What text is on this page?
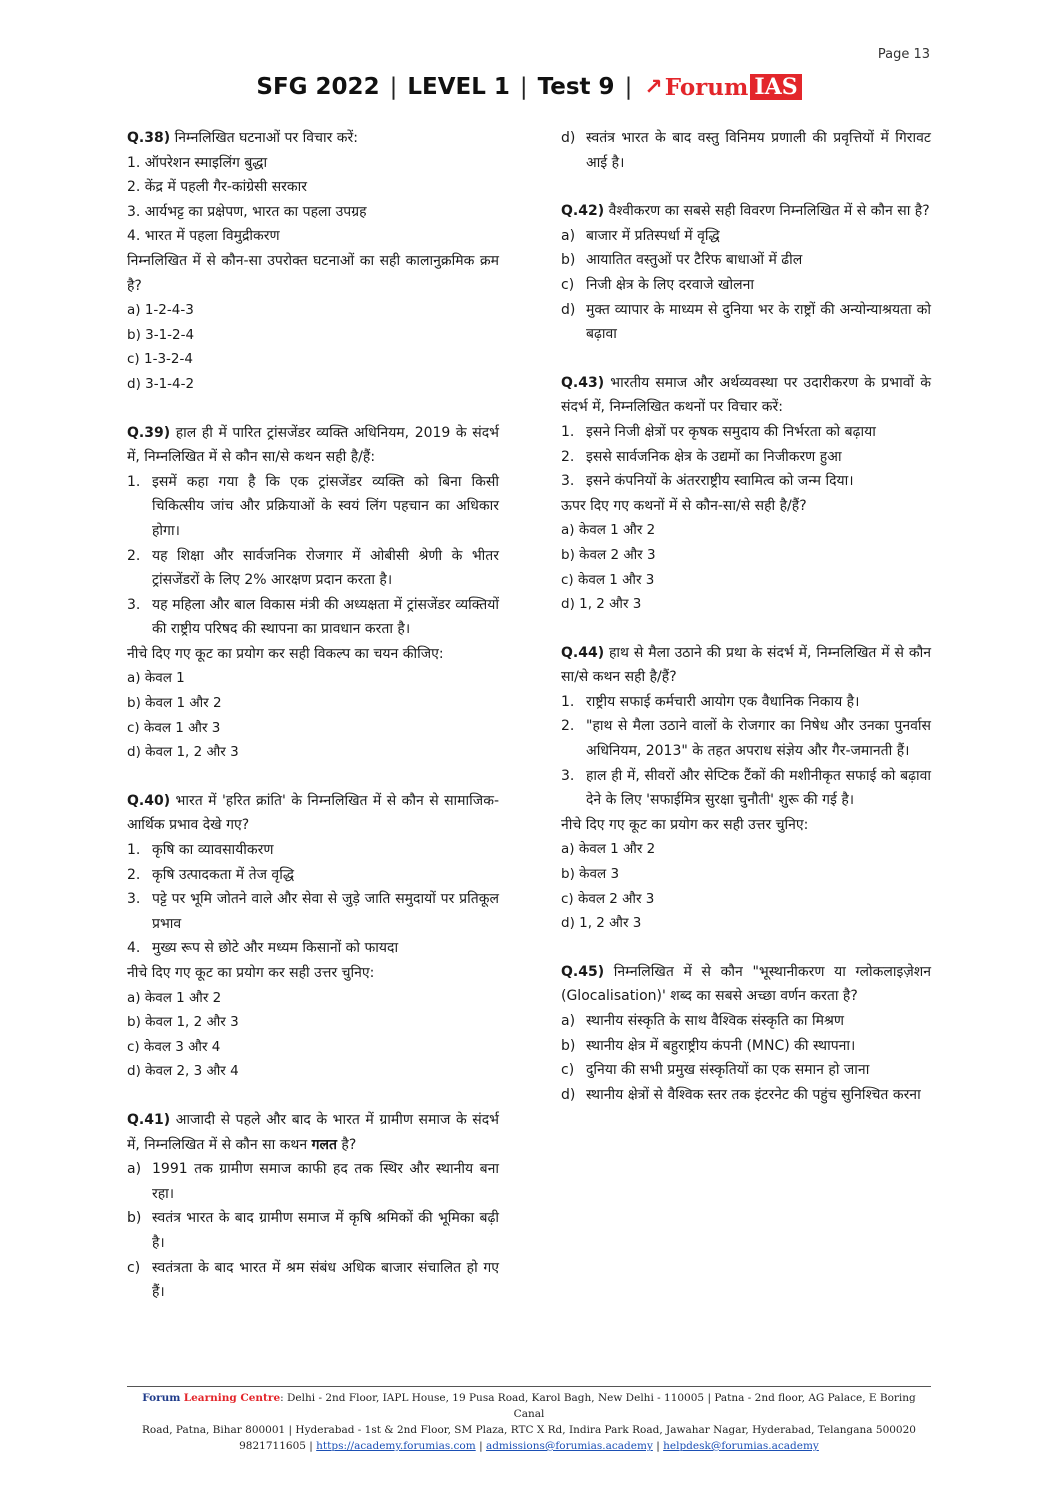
Page 13
SFG 2022 | LEVEL 1 | Test 9 | ↗ Forum IAS

Q.38) निम्नलिखित घटनाओं पर विचार करें:

1. ऑपरेशन स्माइलिंग बुद्धा

2. केंद्र में पहली गैर-कांग्रेसी सरकार

3. आर्यभट्ट का प्रक्षेपण, भारत का पहला उपग्रह

4. भारत में पहला विमुद्रीकरण

निम्नलिखित में से कौन-सा उपरोक्त घटनाओं का सही कालानुक्रमिक क्रम है?

a) 1-2-4-3

b) 3-1-2-4

c) 1-3-2-4

d) 3-1-4-2

Q.39) हाल ही में पारित ट्रांसजेंडर व्यक्ति अधिनियम, 2019 के संदर्भ में, निम्नलिखित में से कौन सा/से कथन सही है/हैं:

1. इसमें कहा गया है कि एक ट्रांसजेंडर व्यक्ति को बिना किसी चिकित्सीय जांच और प्रक्रियाओं के स्वयं लिंग पहचान का अधिकार होगा।
2. यह शिक्षा और सार्वजनिक रोजगार में ओबीसी श्रेणी के भीतर ट्रांसजेंडरों के लिए 2% आरक्षण प्रदान करता है।
3. यह महिला और बाल विकास मंत्री की अध्यक्षता में ट्रांसजेंडर व्यक्तियों की राष्ट्रीय परिषद की स्थापना का प्रावधान करता है।

नीचे दिए गए कूट का प्रयोग कर सही विकल्प का चयन कीजिए:

a) केवल 1

b) केवल 1 और 2

c) केवल 1 और 3

d) केवल 1, 2 और 3

Q.40) भारत में 'हरित क्रांति' के निम्नलिखित में से कौन से सामाजिक-आर्थिक प्रभाव देखे गए?

1. कृषि का व्यावसायीकरण
2. कृषि उत्पादकता में तेज वृद्धि
3. पट्टे पर भूमि जोतने वाले और सेवा से जुड़े जाति समुदायों पर प्रतिकूल प्रभाव
4. मुख्य रूप से छोटे और मध्यम किसानों को फायदा

नीचे दिए गए कूट का प्रयोग कर सही उत्तर चुनिए:

a) केवल 1 और 2

b) केवल 1, 2 और 3

c) केवल 3 और 4

d) केवल 2, 3 और 4

Q.41) आजादी से पहले और बाद के भारत में ग्रामीण समाज के संदर्भ में, निम्नलिखित में से कौन सा कथन गलत है?

a) 1991 तक ग्रामीण समाज काफी हद तक स्थिर और स्थानीय बना रहा।
b) स्वतंत्र भारत के बाद ग्रामीण समाज में कृषि श्रमिकों की भूमिका बढ़ी है।
c) स्वतंत्रता के बाद भारत में श्रम संबंध अधिक बाजार संचालित हो गए हैं।
d) स्वतंत्र भारत के बाद वस्तु विनिमय प्रणाली की प्रवृत्तियों में गिरावट आई है।

Q.42) वैश्वीकरण का सबसे सही विवरण निम्नलिखित में से कौन सा है?

a) बाजार में प्रतिस्पर्धा में वृद्धि
b) आयातित वस्तुओं पर टैरिफ बाधाओं में ढील
c) निजी क्षेत्र के लिए दरवाजे खोलना
d) मुक्त व्यापार के माध्यम से दुनिया भर के राष्ट्रों की अन्योन्याश्रयता को बढ़ावा

Q.43) भारतीय समाज और अर्थव्यवस्था पर उदारीकरण के प्रभावों के संदर्भ में, निम्नलिखित कथनों पर विचार करें:

1. इसने निजी क्षेत्रों पर कृषक समुदाय की निर्भरता को बढ़ाया
2. इससे सार्वजनिक क्षेत्र के उद्यमों का निजीकरण हुआ
3. इसने कंपनियों के अंतरराष्ट्रीय स्वामित्व को जन्म दिया।

ऊपर दिए गए कथनों में से कौन-सा/से सही है/हैं?

a) केवल 1 और 2

b) केवल 2 और 3

c) केवल 1 और 3

d) 1, 2 और 3

Q.44) हाथ से मैला उठाने की प्रथा के संदर्भ में, निम्नलिखित में से कौन सा/से कथन सही है/हैं?

1. राष्ट्रीय सफाई कर्मचारी आयोग एक वैधानिक निकाय है।
2. "हाथ से मैला उठाने वालों के रोजगार का निषेध और उनका पुनर्वास अधिनियम, 2013" के तहत अपराध संज्ञेय और गैर-जमानती हैं।
3. हाल ही में, सीवरों और सेप्टिक टैंकों की मशीनीकृत सफाई को बढ़ावा देने के लिए 'सफाईमित्र सुरक्षा चुनौती' शुरू की गई है।

नीचे दिए गए कूट का प्रयोग कर सही उत्तर चुनिए:

a) केवल 1 और 2

b) केवल 3

c) केवल 2 और 3

d) 1, 2 और 3

Q.45) निम्नलिखित में से कौन "भूस्थानीकरण या ग्लोकलाइज़ेशन (Glocalisation)' शब्द का सबसे अच्छा वर्णन करता है?

a) स्थानीय संस्कृति के साथ वैश्विक संस्कृति का मिश्रण
b) स्थानीय क्षेत्र में बहुराष्ट्रीय कंपनी (MNC) की स्थापना।
c) दुनिया की सभी प्रमुख संस्कृतियों का एक समान हो जाना
d) स्थानीय क्षेत्रों से वैश्विक स्तर तक इंटरनेट की पहुंच सुनिश्चित करना
Forum Learning Centre: Delhi - 2nd Floor, IAPL House, 19 Pusa Road, Karol Bagh, New Delhi - 110005 | Patna - 2nd floor, AG Palace, E Boring Canal
Road, Patna, Bihar 800001 | Hyderabad - 1st & 2nd Floor, SM Plaza, RTC X Rd, Indira Park Road, Jawahar Nagar, Hyderabad, Telangana 500020
9821711605 | https://academy.forumias.com | admissions@forumias.academy | helpdesk@forumias.academy
